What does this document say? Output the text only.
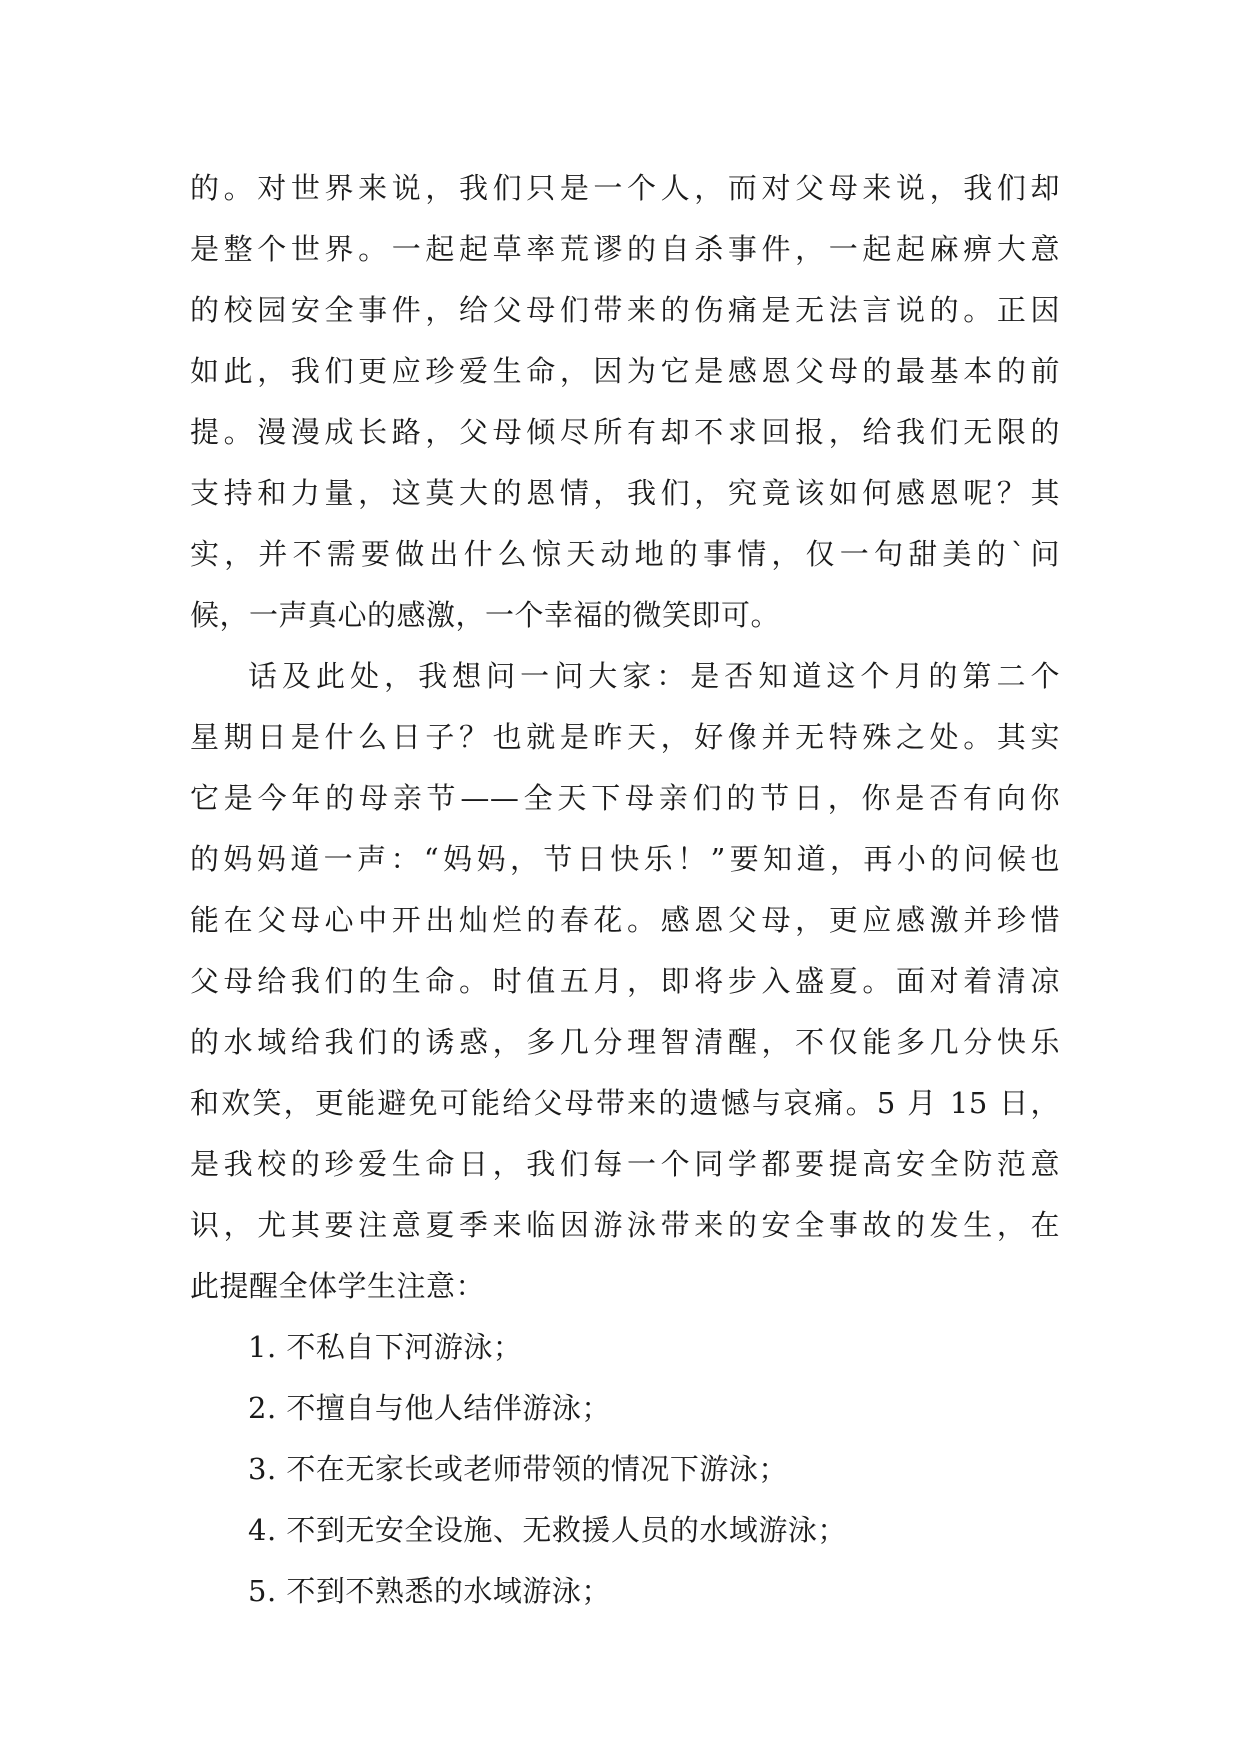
的。对世界来说，我们只是一个人，而对父母来说，我们却
是整个世界。一起起草率荒谬的自杀事件，一起起麻痹大意
的校园安全事件，给父母们带来的伤痛是无法言说的。正因
如此，我们更应珍爱生命，因为它是感恩父母的最基本的前
提。漫漫成长路，父母倾尽所有却不求回报，给我们无限的
支持和力量，这莫大的恩情，我们，究竟该如何感恩呢？其
实，并不需要做出什么惊天动地的事情，仅一句甜美的`问
候，一声真心的感激，一个幸福的微笑即可。
话及此处，我想问一问大家：是否知道这个月的第二个
星期日是什么日子？也就是昨天，好像并无特殊之处。其实
它是今年的母亲节——全天下母亲们的节日，你是否有向你
的妈妈道一声：“妈妈，节日快乐！”要知道，再小的问候也
能在父母心中开出灿烂的春花。感恩父母，更应感激并珍惜
父母给我们的生命。时值五月，即将步入盛夏。面对着清凉
的水域给我们的诱惑，多几分理智清醒，不仅能多几分快乐
和欢笑，更能避免可能给父母带来的遗憾与哀痛。5 月 15 日，
是我校的珍爱生命日，我们每一个同学都要提高安全防范意
识，尤其要注意夏季来临因游泳带来的安全事故的发生，在
此提醒全体学生注意：
1. 不私自下河游泳；
2. 不擅自与他人结伴游泳；
3. 不在无家长或老师带领的情况下游泳；
4. 不到无安全设施、无救援人员的水域游泳；
5. 不到不熟悉的水域游泳；
